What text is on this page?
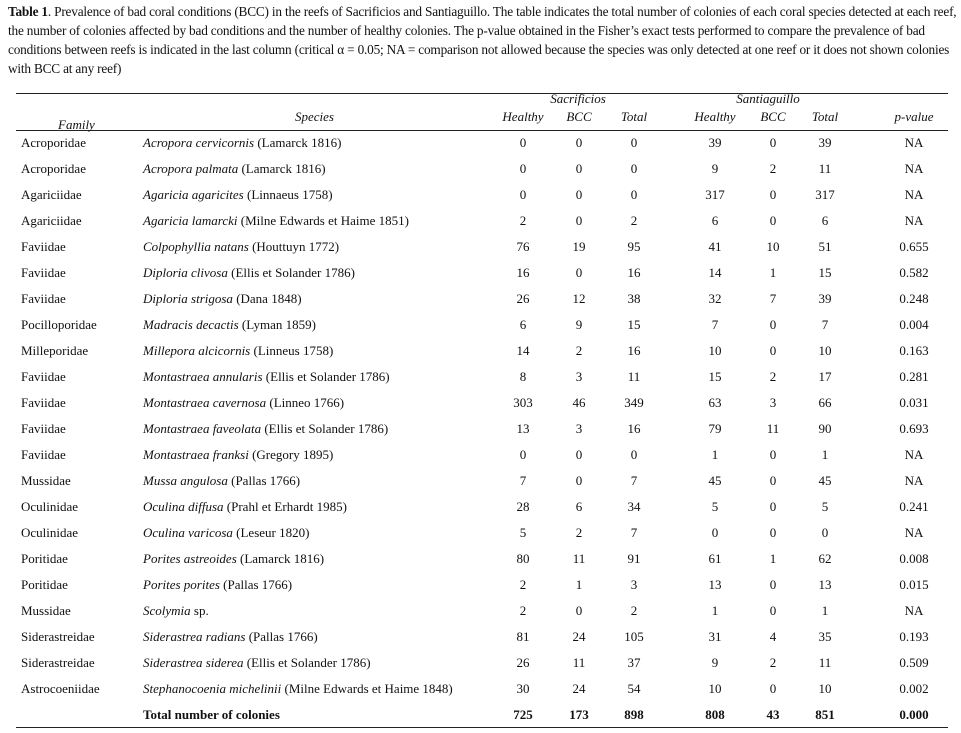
Table 1. Prevalence of bad coral conditions (BCC) in the reefs of Sacrificios and Santiaguillo. The table indicates the total number of colonies of each coral species detected at each reef, the number of colonies affected by bad conditions and the number of healthy colonies. The p-value obtained in the Fisher’s exact tests performed to compare the prevalence of bad conditions between reefs is indicated in the last column (critical α = 0.05; NA = comparison not allowed because the species was only detected at one reef or it does not shown colonies with BCC at any reef)
Family
Species
Sacrificios	Santiaguillo
Healthy BCC Total	Healthy BCC Total	p-value
Acroporidae	Acropora cervicornis (Lamarck 1816)	0	0	0	39	0	39	NA
Acroporidae	Acropora palmata (Lamarck 1816)	0	0	0	9	2	11	NA
Agariciidae	Agaricia agaricites (Linnaeus 1758)	0	0	0	317	0	317	NA
Agariciidae	Agaricia lamarcki (Milne Edwards et Haime 1851)	2	0	2	6	0	6	NA
Faviidae	Colpophyllia natans (Houttuyn 1772)	76	19	95	41	10	51	0.655
Faviidae	Diploria clivosa (Ellis et Solander 1786)	16	0	16	14	1	15	0.582
Faviidae	Diploria strigosa (Dana 1848)	26	12	38	32	7	39	0.248
Pocilloporidae	Madracis decactis (Lyman 1859)	6	9	15	7	0	7	0.004
Milleporidae	Millepora alcicornis (Linneus 1758)	14	2	16	10	0	10	0.163
Faviidae	Montastraea annularis (Ellis et Solander 1786)	8	3	11	15	2	17	0.281
Faviidae	Montastraea cavernosa (Linneo 1766)	303	46	349	63	3	66	0.031
Faviidae	Montastraea faveolata (Ellis et Solander 1786)	13	3	16	79	11	90	0.693
Faviidae	Montastraea franksi (Gregory 1895)	0	0	0	1	0	1	NA
Mussidae	Mussa angulosa (Pallas 1766)	7	0	7	45	0	45	NA
Oculinidae	Oculina diffusa (Prahl et Erhardt 1985)	28	6	34	5	0	5	0.241
Oculinidae	Oculina varicosa (Leseur 1820)	5	2	7	0	0	0	NA
Poritidae	Porites astreoides (Lamarck 1816)	80	11	91	61	1	62	0.008
Poritidae	Porites porites (Pallas 1766)	2	1	3	13	0	13	0.015
Mussidae	Scolymia sp.	2	0	2	1	0	1	NA
Siderastreidae	Siderastrea radians (Pallas 1766)	81	24	105	31	4	35	0.193
Siderastreidae	Siderastrea siderea (Ellis et Solander 1786)	26	11	37	9	2	11	0.509
Astrocoeniidae	Stephanocoenia michelinii (Milne Edwards et Haime 1848)	30	24	54	10	0	10	0.002
Total number of colonies	725	173	898	808	43	851	0.000
